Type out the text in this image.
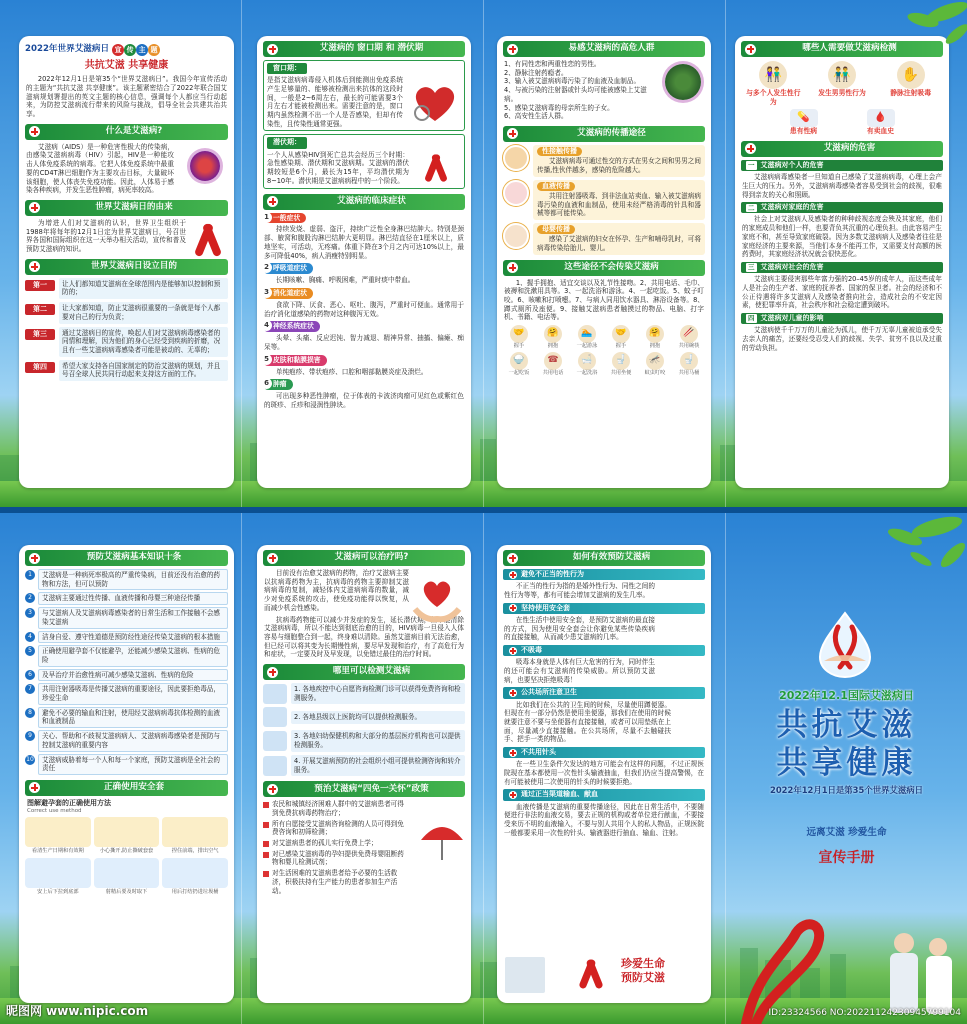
2022年世界艾滋病日 宣 传 主 题
共抗艾滋 共享健康
2022年12月1日是第35个“世界艾滋病日”。我国今年宣传活动的主题为“共抗艾滋 共享健康”。该主题紧密结合了2022年联合国艾滋病规划署提出的英文主题的核心信息，强调每个人都应当行动起来，为防控艾滋病流行带来的风险与挑战，倡导全社会共建共治共享。
什么是艾滋病?
艾滋病（AIDS）是一种危害性极大的传染病，由感染艾滋病病毒（HIV）引起，HIV是一种能攻击人体免疫系统的病毒。它把人体免疫系统中最重要的CD4T淋巴细胞作为主要攻击目标，大量破坏该细胞，使人体丧失免疫功能。因此，人体易于感染各种疾病，并发生恶性肿瘤，病死率较高。
世界艾滋病日的由来
为增进人们对艾滋病的认识，世界卫生组织于1988年将每年的12月1日定为世界艾滋病日，号召世界各国和国际组织在这一天举办相关活动，宣传和普及预防艾滋病的知识。
世界艾滋病日设立目的
第一	让人们都知道艾滋病在全球范围内是能够加以控制和预防的；
第二	让大家都知道，防止艾滋病很重要的一条就是每个人都要对自己的行为负责；
第三	通过艾滋病日的宣传，唤起人们对艾滋病病毒感染者的同情和理解，因为他们的身心已经受到疾病的折磨，况且有一些艾滋病病毒感染者可能是被动的、无辜的；
第四	希望大家支持各自国家制定的防治艾滋病的规划，并且号召全球人民共同行动起来支持这方面的工作。
艾滋病的 窗口期 和 潜伏期
窗口期：
是指艾滋病病毒侵入机体后到能测出免疫系统产生足够量的、能够被检测出来抗体的这段时间，一般是2~6周左右，最长的可能需要3个月左右才能被检测出来。需要注意的是，窗口期内虽然检测不出一个人是否感染，但却有传染性，且传染性通常更强。
潜伏期：
一个人从感染HIV到死亡总共会经历三个时期：急性感染期、潜伏期和艾滋病期。艾滋病的潜伏期较短是6个月，最长为15年，平均潜伏期为8~10年。潜伏期是艾滋病病程中的一个阶段。
艾滋病的临床症状
1 一般症状
持续发烧、虚弱、盗汗，持续广泛性全身淋巴结肿大。特别是颈部、腋窝和腹股沟淋巴结肿大更明显。淋巴结直径在1厘米以上，质地坚实，可活动，无疼痛。体重下降在3个月之内可达10%以上，最多可降低40%，病人消瘦特别明显。
2 呼吸道症状
长期咳嗽、胸痛、呼吸困难，严重时痰中带血。
3 消化道症状
食欲下降、厌食、恶心、呕吐、腹泻，严重时可便血。通常用于治疗消化道感染的药物对这种腹泻无效。
4 神经系统症状
头晕、头痛、反应迟钝、智力减退、精神异常、抽搐、偏瘫、痴呆等。
5 皮肤和黏膜损害
单纯疱疹、带状疱疹、口腔和咽部黏膜炎症及溃烂。
6 肿瘤
可出现多种恶性肿瘤，位于体表的卡波济肉瘤可见红色或紫红色的斑疹、丘疹和浸润性肿块。
易感艾滋病的高危人群
1、有同性恋和两重性恋的男性。
2、静脉注射药瘾者。
3、输入被艾滋病病毒污染了的血液及血制品。
4、与被污染的注射器或针头均可能被感染上艾滋病。
5、感染艾滋病毒的母亲所生的子女。
6、高安性生活人群。
艾滋病的传播途径
性接触传播
艾滋病病毒可通过性交的方式在男女之间和男男之间传播,性伙伴越多，感染的危险越大。
血液传播
共用注射器吸毒、到非法血站卖血、输入被艾滋病病毒污染的血液和血制品，使用未经严格消毒的针具和器械等都可能传染。
母婴传播
感染了艾滋病的妇女在怀孕、生产和哺母乳时，可将病毒传染给胎儿、婴儿。
这些途径不会传染艾滋病
1、握手拥抱、适宜交谈以及礼节性接吻。2、共用电话、毛巾、被褥和洗漱用具等。3、一起洗浴和游泳。4、一起吃饭。5、蚊子叮咬。6、咳嗽和打喷嚏。7、与病人同用饮水器具、淋浴设备等。8、蹲式厕所及座便。9、接触艾滋病患者触摸过的物品、电脑、打字机、书籍、电话等。
🤝
握手
🤗
拥抱
🏊
一起游泳
🤝
握手
🤗
拥抱
🥢
共用碗筷
🍚
一起吃饭
☎
共用电话
🛁
一起洗浴
🚽
共用坐便
🦟
蚊虫叮咬
🚽
共用马桶
哪些人需要做艾滋病检测
👫
与多个人发生性行为
👬
发生男男性行为
✋
静脉注射吸毒
💊
患有性病
🩸
有卖血史
艾滋病的危害
一 艾滋病对个人的危害
艾滋病病毒感染者一旦知道自己感染了艾滋病病毒，心理上会产生巨大的压力。另外，艾滋病病毒感染者容易受到社会的歧视，很难得到亲友的关心和照顾。
二 艾滋病对家庭的危害
社会上对艾滋病人及感染者的种种歧视态度会殃及其家庭，他们的家庭成员和他们一样，也要背负其沉重的心理负担。由此容易产生家庭不和，甚至导致家庭破裂。因为多数艾滋病病人及感染者往往是家庭经济的主要来源，当他们本身不能再工作，又需要支付高额的医药费时，其家庭经济状况就会很快恶化。
三 艾滋病对社会的危害
艾滋病主要侵害那些年富力强的20–45岁的成年人，而这些成年人是社会的生产者、家庭的抚养者、国家的保卫者。社会的经济和不公正待遇将许多艾滋病人及感染者推向社会，造成社会的不安定因素，使犯罪率升高，社会秩序和社会稳定遭到破坏。
四 艾滋病对儿童的影响
艾滋病使千千万万的儿童沦为孤儿，使千万无辜儿童被迫承受失去亲人的痛苦，还要经受忍受人们的歧视、失学、贫穷不良以及过重的劳动负担。
预防艾滋病基本知识十条
1	艾滋病是一种病死率极高的严重传染病，目前还没有治愈的药物和方法，但可以预防
2	艾滋病主要通过性传播、血液传播和母婴三种途径传播
3	与艾滋病人及艾滋病病毒感染者的日常生活和工作接触不会感染艾滋病
4	洁身自爱、遵守性道德是预防经性途径传染艾滋病的根本措施
5	正确使用避孕套不仅能避孕，还能减少感染艾滋病、性病的危险
6	及早治疗并治愈性病可减少感染艾滋病、性病的危险
7	共用注射器吸毒是传播艾滋病的重要途径，因此要拒绝毒品，珍爱生命
8	避免不必要的输血和注射，使用经艾滋病病毒抗体检测的血液和血液制品
9	关心、帮助和不歧视艾滋病病人、艾滋病病毒感染者是预防与控制艾滋病的重要内容
10	艾滋病威胁着每一个人和每一个家庭，预防艾滋病是全社会的责任
正确使用安全套
图解避孕套的正确使用方法
Correct use method
看清生产日期和有效期	小心撕开,防止撕破套套	捏住前端，排出空气
安上后下拉到底部	射精后要及时取下	用后打结扔进垃圾桶
艾滋病可以治疗吗?
目前没有治愈艾滋病的药物，治疗艾滋病主要以抗病毒药物为主，抗病毒的药物主要抑制艾滋病病毒的复制，减轻体内艾滋病病毒的数量，减少对免疫系统的攻击，使免疫功能得以恢复，从而减少机会性感染。
抗病毒药物能可以减少并发症的发生，延长潜伏期，但不能清除艾滋病病毒，所以不能达到彻底治愈的目的，HIV病毒一旦侵入人体容易与细胞整合到一起，终身难以清除。虽然艾滋病目前无法治愈，但已经可以将其变为长期慢性病，要尽早发现和治疗，有了高危行为和症状，一定要及时及早发现，以免错过最佳的治疗时间。
哪里可以检测艾滋病
1. 各地疾控中心自愿咨询检测门诊可以获得免费咨询和检测服务。
2. 各地县级以上医院均可以提供检测服务。
3. 各地妇幼保健机构和大部分的基层医疗机构也可以提供检测服务。
4. 开展艾滋病预防的社会组织小组可提供检测咨询和转介服务。
预治艾滋病“四免一关怀”政策
农民和城镇经济困难人群中的艾滋病患者可得到免费抗病毒药物治疗；
所有自愿接受艾滋病咨询检测的人员可得到免费咨询和初筛检测；
对艾滋病患者的孤儿实行免费上学；
对已感染艾滋病毒的孕妇提供免费母婴阻断药物和婴儿检测试剂；
对生活困难的艾滋病患者给予必要的生活救济，积极扶持有生产能力的患者参加生产活动。
如何有效预防艾滋病
避免不正当的性行为
不正当的性行为指的是婚外性行为、同性之间的性行为等等，都有可能会增加艾滋病的发生几率。
坚持使用安全套
在性生活中使用安全套，是预防艾滋病的最直接的方式，因为使用安全套会让你避免某些传染疾病的直接接触，从而减少患艾滋病的几率。
不吸毒
吸毒本身就是人体有巨大危害的行为，同时伴生的还可能会有艾滋病的传染威胁。所以预防艾滋病，也要坚决拒绝吸毒！
公共场所注意卫生
比如我们在公共的卫生间的时候，尽量使用蹲便器。但现在有一部分仍然是使用坐便器，那我们在使用的时候就要注意不要与坐便器有直接接触，或者可以用垫纸在上面，尽量减少直接接触。在公共场所，尽量不去触碰扶手、把手一类的物品。
不共用针头
在一些卫生条件欠发达的地方可能会有这样的问题，不过正规医院现在基本都使用一次性针头输液抽血，但我们仍应当提高警惕，在有可能被使用二次使用的针头的时候要拒绝。
通过正当渠道输血、献血
血液传播是艾滋病的重要传播途径，因此在日常生活中，不要随便进行非法的血液交易，要去正规的机构或者单位进行献血，不要接受来历不明的血液输入，不要与别人共用个人的私人物品，正规医院一般都要采用一次性的针头、输液器进行抽血、输血、注射。
珍爱生命
预防艾滋
2022年12.1国际艾滋病日
共抗艾滋
共享健康
2022年12月1日是第35个世界艾滋病日
远离艾滋 珍爱生命
宣传手册
昵图网 www.nipic.com	ID:23324566 NO:20221124230945799104
